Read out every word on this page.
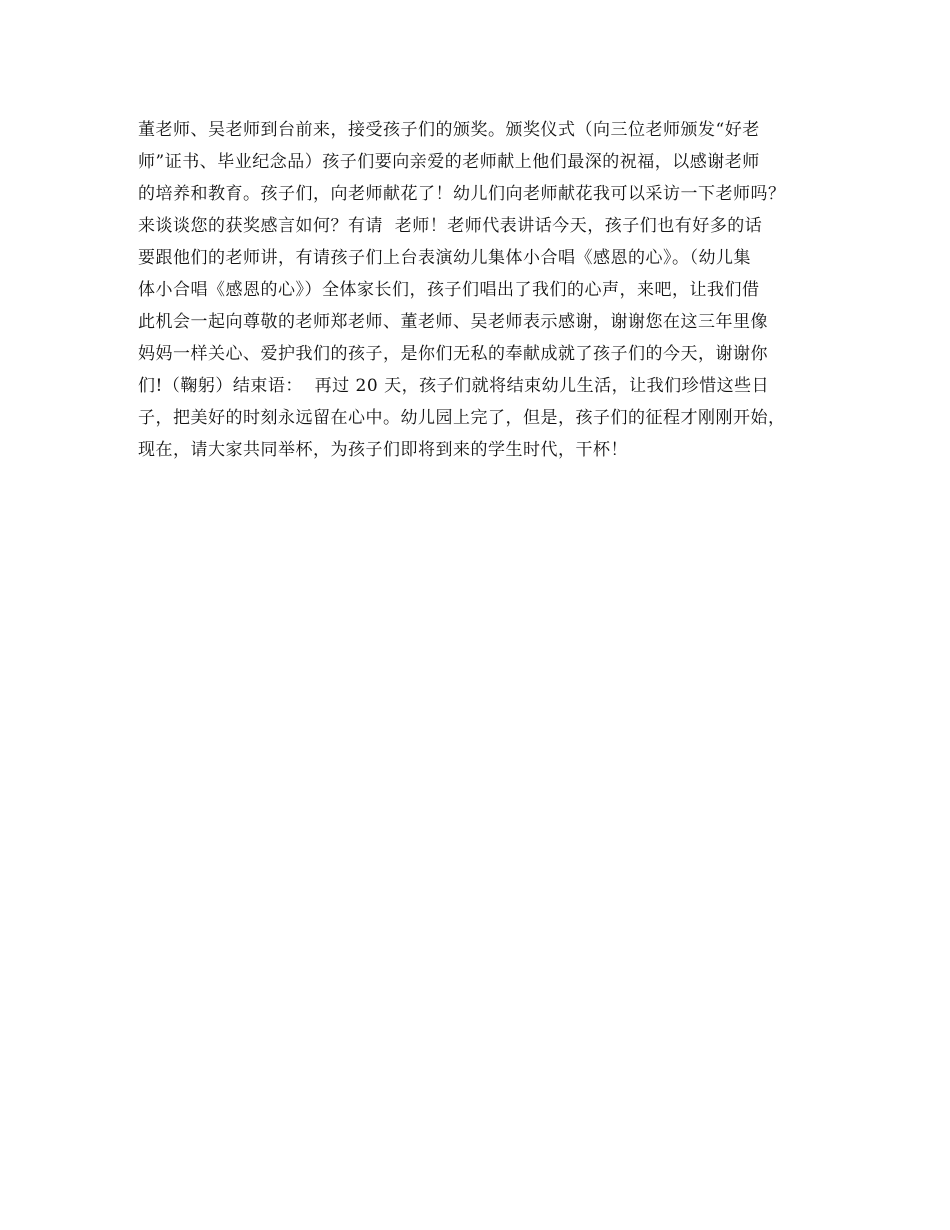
董老师、吴老师到台前来，接受孩子们的颁奖。颁奖仪式（向三位老师颁发“好老
师”证书、毕业纪念品）孩子们要向亲爱的老师献上他们最深的祝福，以感谢老师
的培养和教育。孩子们，向老师献花了！幼儿们向老师献花我可以采访一下老师吗？
来谈谈您的获奖感言如何？有请  老师！老师代表讲话今天，孩子们也有好多的话
要跟他们的老师讲，有请孩子们上台表演幼儿集体小合唱《感恩的心》。（幼儿集
体小合唱《感恩的心》）全体家长们，孩子们唱出了我们的心声，来吧，让我们借
此机会一起向尊敬的老师郑老师、董老师、吴老师表示感谢，谢谢您在这三年里像
妈妈一样关心、爱护我们的孩子，是你们无私的奉献成就了孩子们的今天，谢谢你
们!（鞠躬）结束语：  再过 20 天，孩子们就将结束幼儿生活，让我们珍惜这些日
子，把美好的时刻永远留在心中。幼儿园上完了，但是，孩子们的征程才刚刚开始，
现在，请大家共同举杯，为孩子们即将到来的学生时代，干杯！
